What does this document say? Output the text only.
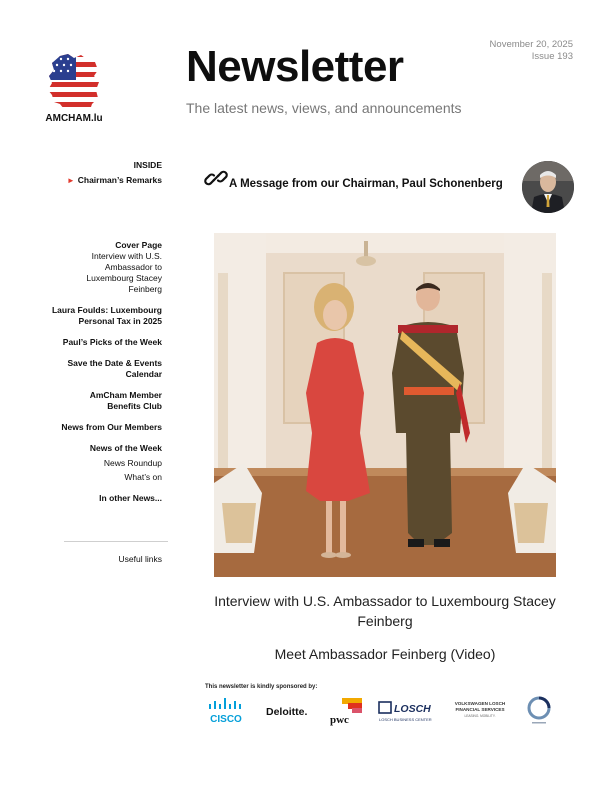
AMCHAM.lu
Newsletter
The latest news, views, and announcements
November 20, 2025
Issue 193
INSIDE
► Chairman’s Remarks
Cover Page
Interview with U.S. Ambassador to Luxembourg Stacey Feinberg
Laura Foulds: Luxembourg Personal Tax in 2025
Paul’s Picks of the Week
Save the Date & Events Calendar
AmCham Member Benefits Club
News from Our Members
News of the Week
News Roundup
What’s on
In other News...
Useful links
A Message from our Chairman, Paul Schonenberg
Interview with U.S. Ambassador to Luxembourg Stacey Feinberg
Meet Ambassador Feinberg (Video)
This newsletter is kindly sponsored by:
CISCO
Deloitte.
pwc
LOSCH
LOSCH BUSINESS CENTER
VOLKSWAGEN LOSCH
FINANCIAL SERVICES
LEASING. MOBILITY.
